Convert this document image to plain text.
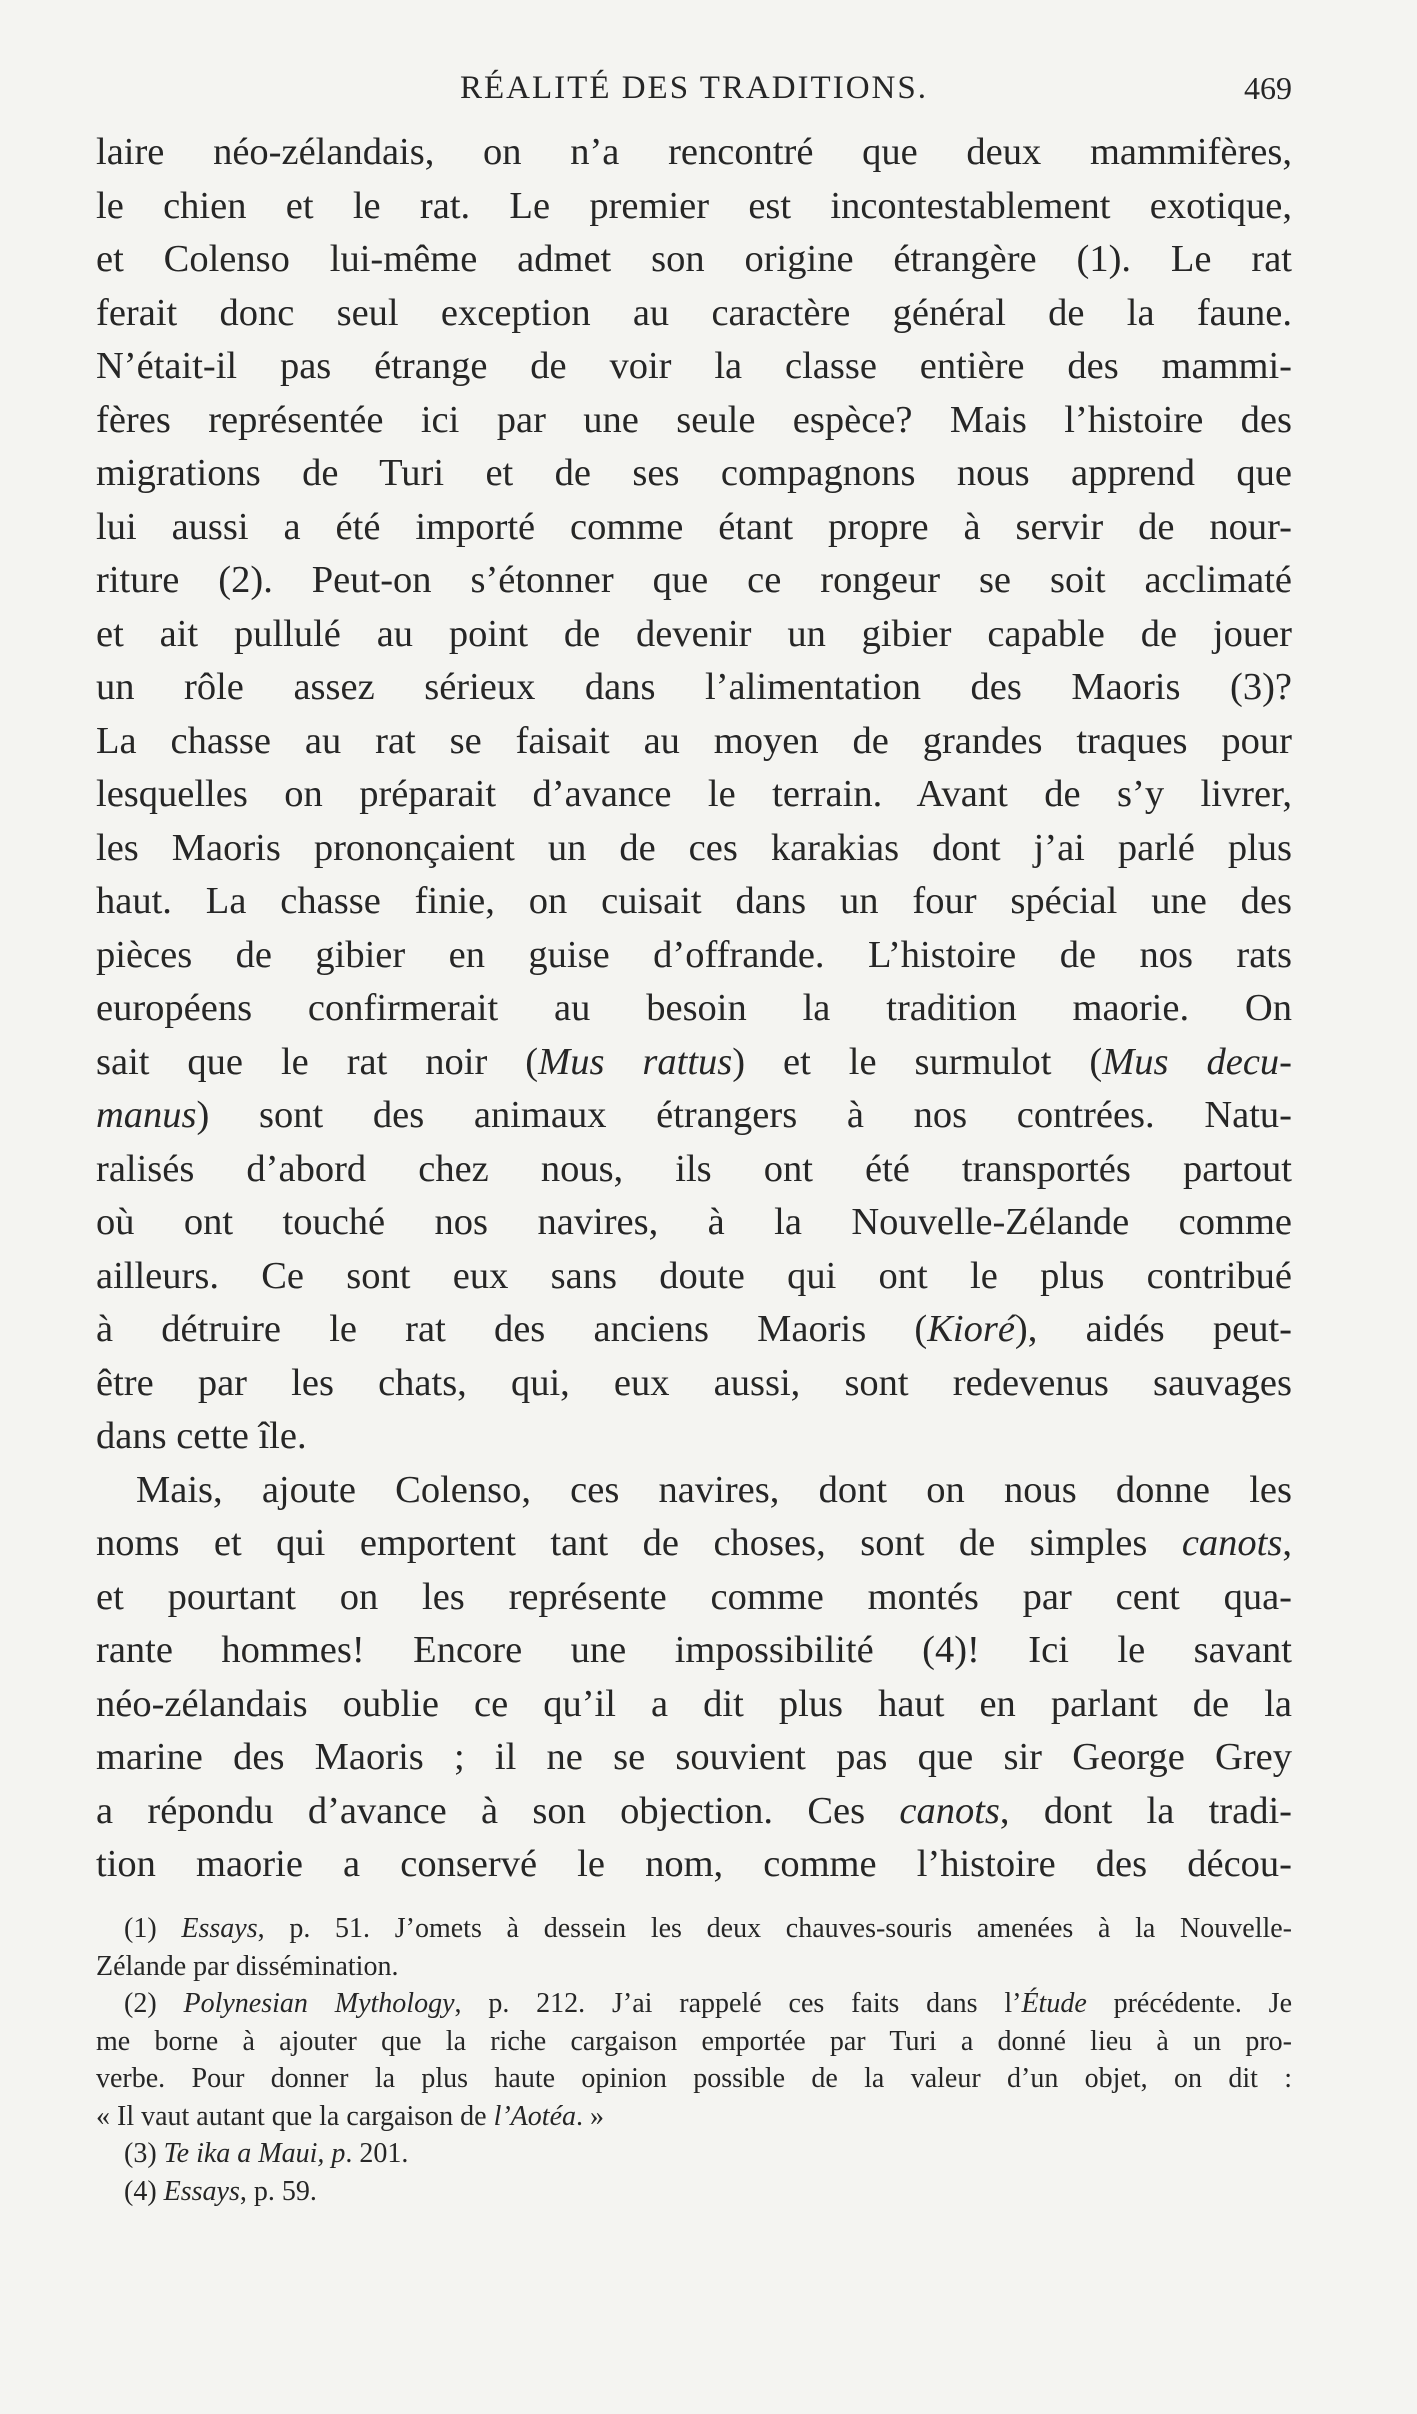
RÉALITÉ DES TRADITIONS.	469

laire néo-zélandais, on n’a rencontré que deux mammifères,
le chien et le rat. Le premier est incontestablement exotique,
et Colenso lui-même admet son origine étrangère (1). Le rat
ferait donc seul exception au caractère général de la faune.
N’était-il pas étrange de voir la classe entière des mammi-
fères représentée ici par une seule espèce? Mais l’histoire des
migrations de Turi et de ses compagnons nous apprend que
lui aussi a été importé comme étant propre à servir de nour-
riture (2). Peut-on s’étonner que ce rongeur se soit acclimaté
et ait pullulé au point de devenir un gibier capable de jouer
un rôle assez sérieux dans l’alimentation des Maoris (3)?
La chasse au rat se faisait au moyen de grandes traques pour
lesquelles on préparait d’avance le terrain. Avant de s’y livrer,
les Maoris prononçaient un de ces karakias dont j’ai parlé plus
haut. La chasse finie, on cuisait dans un four spécial une des
pièces de gibier en guise d’offrande. L’histoire de nos rats
européens confirmerait au besoin la tradition maorie. On
sait que le rat noir (Mus rattus) et le surmulot (Mus decu-
manus) sont des animaux étrangers à nos contrées. Natu-
ralisés d’abord chez nous, ils ont été transportés partout
où ont touché nos navires, à la Nouvelle-Zélande comme
ailleurs. Ce sont eux sans doute qui ont le plus contribué
à détruire le rat des anciens Maoris (Kioré), aidés peut-
être par les chats, qui, eux aussi, sont redevenus sauvages
dans cette île.

Mais, ajoute Colenso, ces navires, dont on nous donne les
noms et qui emportent tant de choses, sont de simples canots,
et pourtant on les représente comme montés par cent qua-
rante hommes! Encore une impossibilité (4)! Ici le savant
néo-zélandais oublie ce qu’il a dit plus haut en parlant de la
marine des Maoris ; il ne se souvient pas que sir George Grey
a répondu d’avance à son objection. Ces canots, dont la tradi-
tion maorie a conservé le nom, comme l’histoire des décou-

(1) Essays, p. 51. J’omets à dessein les deux chauves-souris amenées à la Nouvelle-
Zélande par dissémination.
(2) Polynesian Mythology, p. 212. J’ai rappelé ces faits dans l’Étude précédente. Je
me borne à ajouter que la riche cargaison emportée par Turi a donné lieu à un pro-
verbe. Pour donner la plus haute opinion possible de la valeur d’un objet, on dit :
« Il vaut autant que la cargaison de l’Aotéa. »
(3) Te ika a Maui, p. 201.
(4) Essays, p. 59.
